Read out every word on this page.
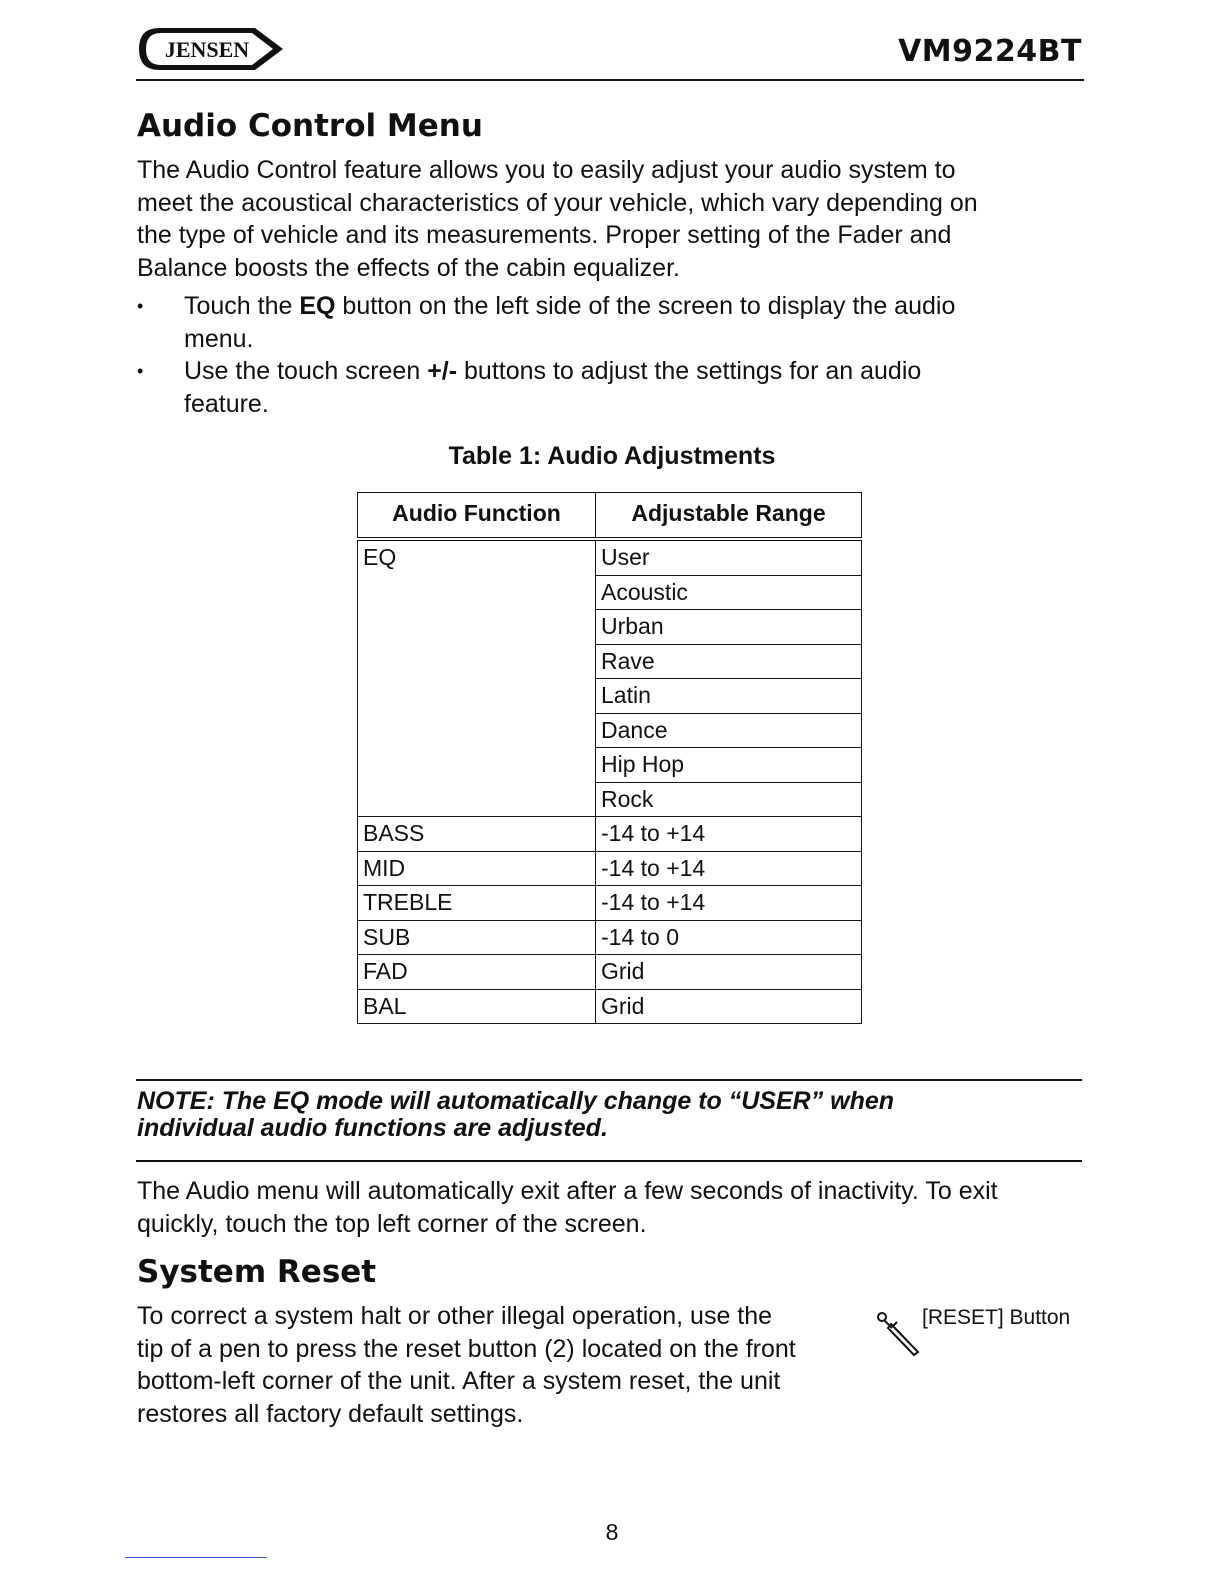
JENSEN	VM9224BT
Audio Control Menu
The Audio Control feature allows you to easily adjust your audio system to
meet the acoustical characteristics of your vehicle, which vary depending on
the type of vehicle and its measurements. Proper setting of the Fader and
Balance boosts the effects of the cabin equalizer.
• Touch the EQ button on the left side of the screen to display the audio
menu.
• Use the touch screen +/- buttons to adjust the settings for an audio
feature.
Table 1: Audio Adjustments
Audio Function	Adjustable Range
EQ	User
	Acoustic
	Urban
	Rave
	Latin
	Dance
	Hip Hop
	Rock
BASS	-14 to +14
MID	-14 to +14
TREBLE	-14 to +14
SUB	-14 to 0
FAD	Grid
BAL	Grid
NOTE: The EQ mode will automatically change to “USER” when
individual audio functions are adjusted.
The Audio menu will automatically exit after a few seconds of inactivity. To exit
quickly, touch the top left corner of the screen.
System Reset
To correct a system halt or other illegal operation, use the
tip of a pen to press the reset button (2) located on the front
bottom-left corner of the unit. After a system reset, the unit
restores all factory default settings.
[RESET] Button
8
